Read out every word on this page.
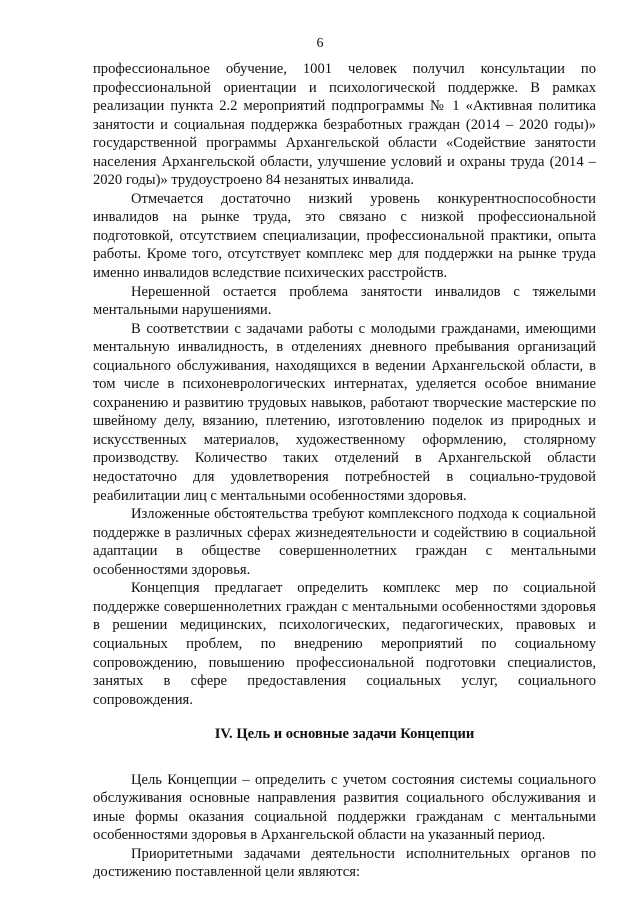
6

профессиональное обучение, 1001 человек получил консультации по профессиональной ориентации и психологической поддержке. В рамках реализации пункта 2.2 мероприятий подпрограммы № 1 «Активная политика занятости и социальная поддержка безработных граждан (2014 – 2020 годы)» государственной программы Архангельской области «Содействие занятости населения Архангельской области, улучшение условий и охраны труда (2014 – 2020 годы)» трудоустроено 84 незанятых инвалида.

Отмечается достаточно низкий уровень конкурентноспособности инвалидов на рынке труда, это связано с низкой профессиональной подготовкой, отсутствием специализации, профессиональной практики, опыта работы. Кроме того, отсутствует комплекс мер для поддержки на рынке труда именно инвалидов вследствие психических расстройств.

Нерешенной остается проблема занятости инвалидов с тяжелыми ментальными нарушениями.

В соответствии с задачами работы с молодыми гражданами, имеющими ментальную инвалидность, в отделениях дневного пребывания организаций социального обслуживания, находящихся в ведении Архангельской области, в том числе в психоневрологических интернатах, уделяется особое внимание сохранению и развитию трудовых навыков, работают творческие мастерские по швейному делу, вязанию, плетению, изготовлению поделок из природных и искусственных материалов, художественному оформлению, столярному производству. Количество таких отделений в Архангельской области недостаточно для удовлетворения потребностей в социально-трудовой реабилитации лиц с ментальными особенностями здоровья.

Изложенные обстоятельства требуют комплексного подхода к социальной поддержке в различных сферах жизнедеятельности и содействию в социальной адаптации в обществе совершеннолетних граждан с ментальными особенностями здоровья.

Концепция предлагает определить комплекс мер по социальной поддержке совершеннолетних граждан с ментальными особенностями здоровья в решении медицинских, психологических, педагогических, правовых и социальных проблем, по внедрению мероприятий по социальному сопровождению, повышению профессиональной подготовки специалистов, занятых в сфере предоставления социальных услуг, социального сопровождения.

IV. Цель и основные задачи Концепции

Цель Концепции – определить с учетом состояния системы социального обслуживания основные направления развития социального обслуживания и иные формы оказания социальной поддержки гражданам с ментальными особенностями здоровья в Архангельской области на указанный период.

Приоритетными задачами деятельности исполнительных органов по достижению поставленной цели являются:
